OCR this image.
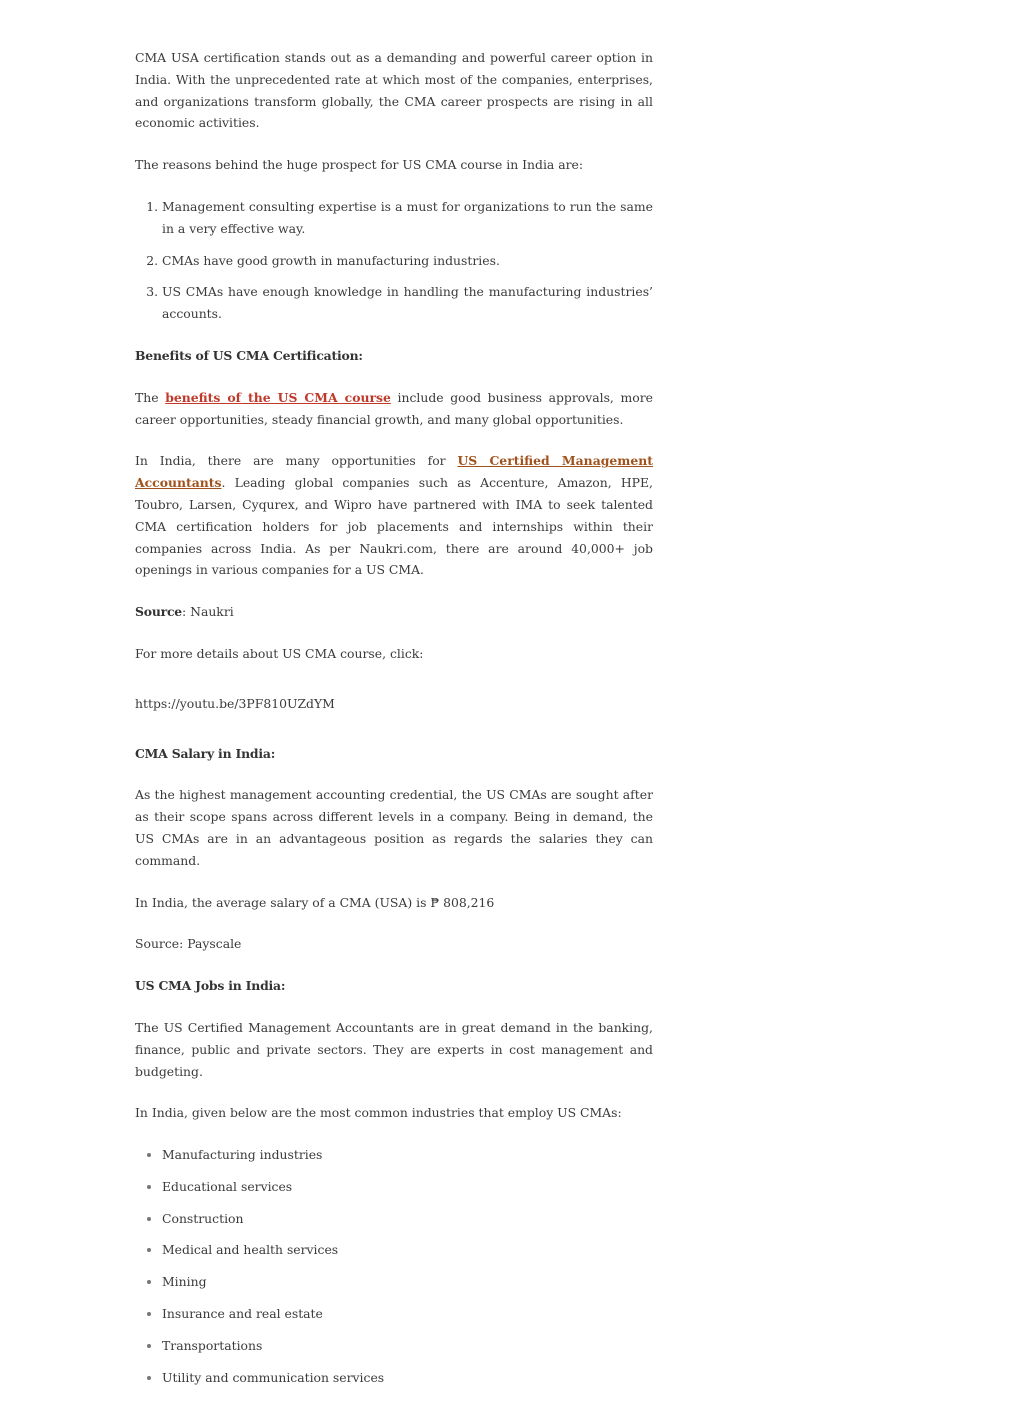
CMA USA certification stands out as a demanding and powerful career option in India. With the unprecedented rate at which most of the companies, enterprises, and organizations transform globally, the CMA career prospects are rising in all economic activities.

The reasons behind the huge prospect for US CMA course in India are:

1. Management consulting expertise is a must for organizations to run the same in a very effective way.
2. CMAs have good growth in manufacturing industries.
3. US CMAs have enough knowledge in handling the manufacturing industries’ accounts.

Benefits of US CMA Certification:

The benefits of the US CMA course include good business approvals, more career opportunities, steady financial growth, and many global opportunities.

In India, there are many opportunities for US Certified Management Accountants. Leading global companies such as Accenture, Amazon, HPE, Toubro, Larsen, Cyqurex, and Wipro have partnered with IMA to seek talented CMA certification holders for job placements and internships within their companies across India. As per Naukri.com, there are around 40,000+ job openings in various companies for a US CMA.

Source: Naukri

For more details about US CMA course, click:

https://youtu.be/3PF810UZdYM

CMA Salary in India:

As the highest management accounting credential, the US CMAs are sought after as their scope spans across different levels in a company. Being in demand, the US CMAs are in an advantageous position as regards the salaries they can command.

In India, the average salary of a CMA (USA) is ₱ 808,216

Source: Payscale

US CMA Jobs in India:

The US Certified Management Accountants are in great demand in the banking, finance, public and private sectors. They are experts in cost management and budgeting.

In India, given below are the most common industries that employ US CMAs:

• Manufacturing industries
• Educational services
• Construction
• Medical and health services
• Mining
• Insurance and real estate
• Transportations
• Utility and communication services
